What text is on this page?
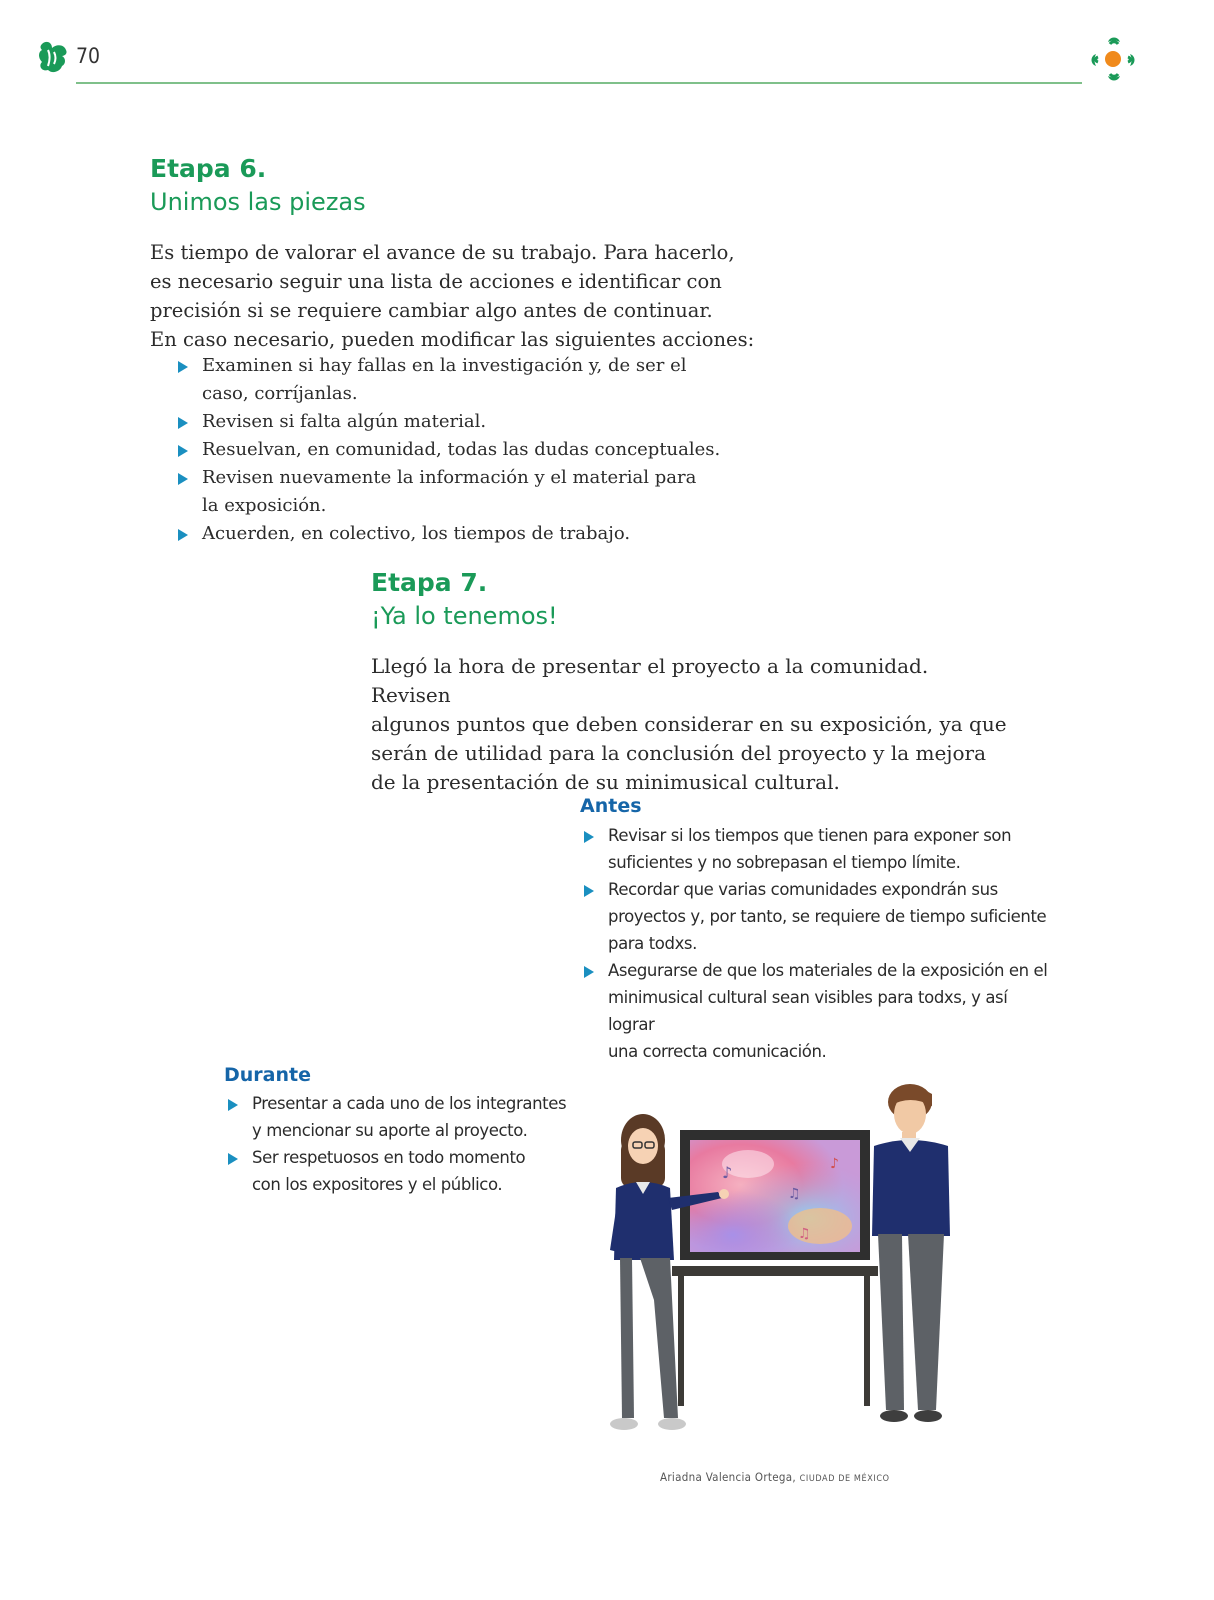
70
Etapa 6.
Unimos las piezas
Es tiempo de valorar el avance de su trabajo. Para hacerlo,
es necesario seguir una lista de acciones e identificar con
precisión si se requiere cambiar algo antes de continuar.
En caso necesario, pueden modificar las siguientes acciones:
Examinen si hay fallas en la investigación y, de ser el
caso, corríjanlas.
Revisen si falta algún material.
Resuelvan, en comunidad, todas las dudas conceptuales.
Revisen nuevamente la información y el material para
la exposición.
Acuerden, en colectivo, los tiempos de trabajo.
Etapa 7.
¡Ya lo tenemos!
Llegó la hora de presentar el proyecto a la comunidad. Revisen
algunos puntos que deben considerar en su exposición, ya que
serán de utilidad para la conclusión del proyecto y la mejora
de la presentación de su minimusical cultural.
Antes
Revisar si los tiempos que tienen para exponer son
suficientes y no sobrepasan el tiempo límite.
Recordar que varias comunidades expondrán sus
proyectos y, por tanto, se requiere de tiempo suficiente
para todxs.
Asegurarse de que los materiales de la exposición en el
minimusical cultural sean visibles para todxs, y así lograr
una correcta comunicación.
Durante
Presentar a cada uno de los integrantes
y mencionar su aporte al proyecto.
Ser respetuosos en todo momento
con los expositores y el público.
♪
♫
♪
♫
Ariadna Valencia Ortega, CIUDAD DE MÉXICO
